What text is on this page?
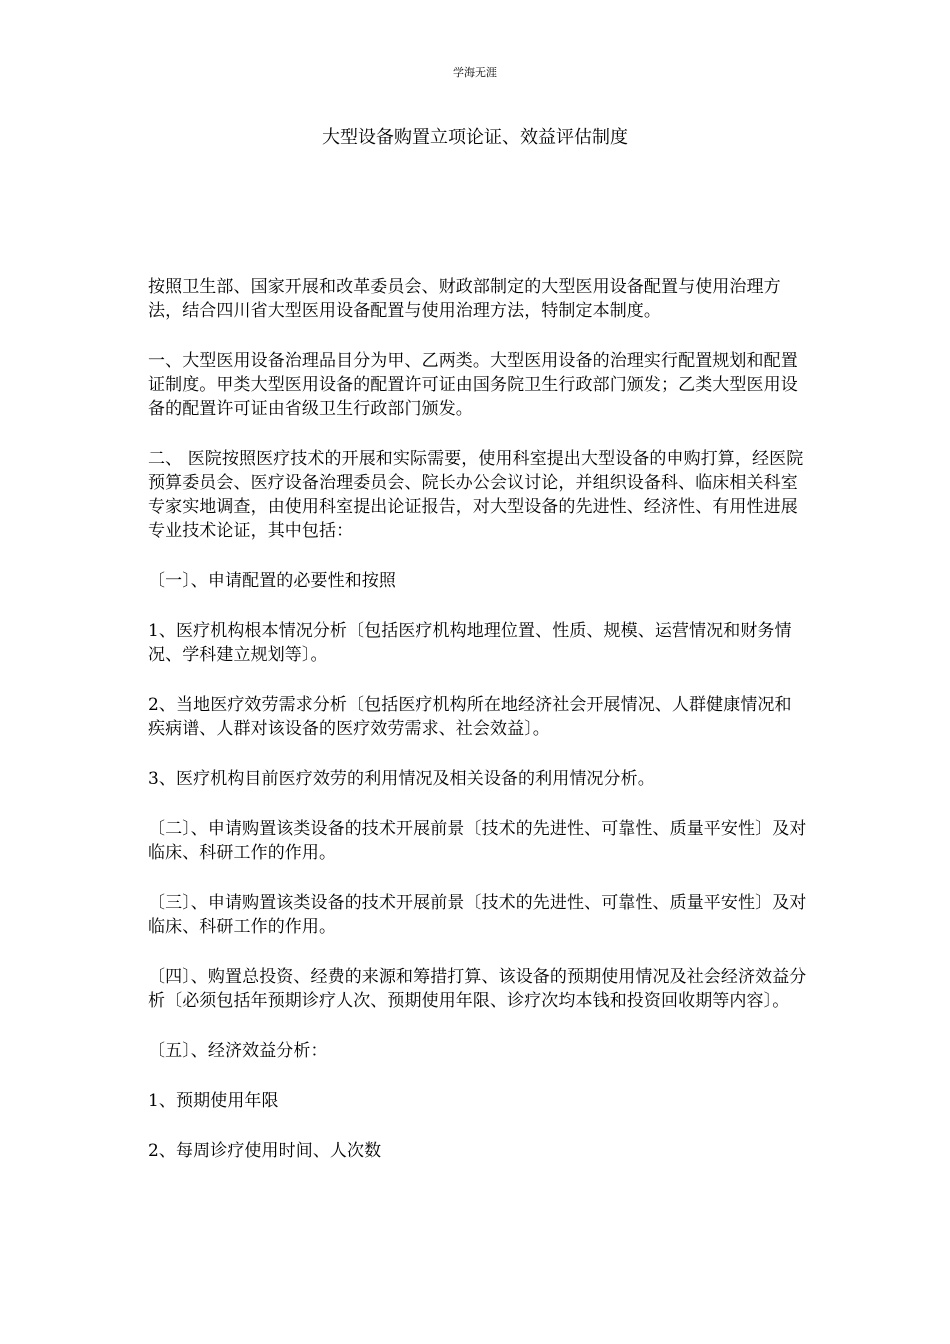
学海无涯
大型设备购置立项论证、效益评估制度

按照卫生部、国家开展和改革委员会、财政部制定的大型医用设备配置与使用治理方法，结合四川省大型医用设备配置与使用治理方法，特制定本制度。

一、大型医用设备治理品目分为甲、乙两类。大型医用设备的治理实行配置规划和配置证制度。甲类大型医用设备的配置许可证由国务院卫生行政部门颁发；乙类大型医用设备的配置许可证由省级卫生行政部门颁发。

二、 医院按照医疗技术的开展和实际需要，使用科室提出大型设备的申购打算，经医院预算委员会、医疗设备治理委员会、院长办公会议讨论，并组织设备科、临床相关科室专家实地调查，由使用科室提出论证报告，对大型设备的先进性、经济性、有用性进展专业技术论证，其中包括：

〔一〕、申请配置的必要性和按照

1、医疗机构根本情况分析〔包括医疗机构地理位置、性质、规模、运营情况和财务情况、学科建立规划等〕。

2、当地医疗效劳需求分析〔包括医疗机构所在地经济社会开展情况、人群健康情况和疾病谱、人群对该设备的医疗效劳需求、社会效益〕。

3、医疗机构目前医疗效劳的利用情况及相关设备的利用情况分析。

〔二〕、申请购置该类设备的技术开展前景〔技术的先进性、可靠性、质量平安性〕及对临床、科研工作的作用。

〔三〕、申请购置该类设备的技术开展前景〔技术的先进性、可靠性、质量平安性〕及对临床、科研工作的作用。

〔四〕、购置总投资、经费的来源和筹措打算、该设备的预期使用情况及社会经济效益分析〔必须包括年预期诊疗人次、预期使用年限、诊疗次均本钱和投资回收期等内容〕。

〔五〕、经济效益分析：

1、预期使用年限

2、每周诊疗使用时间、人次数
